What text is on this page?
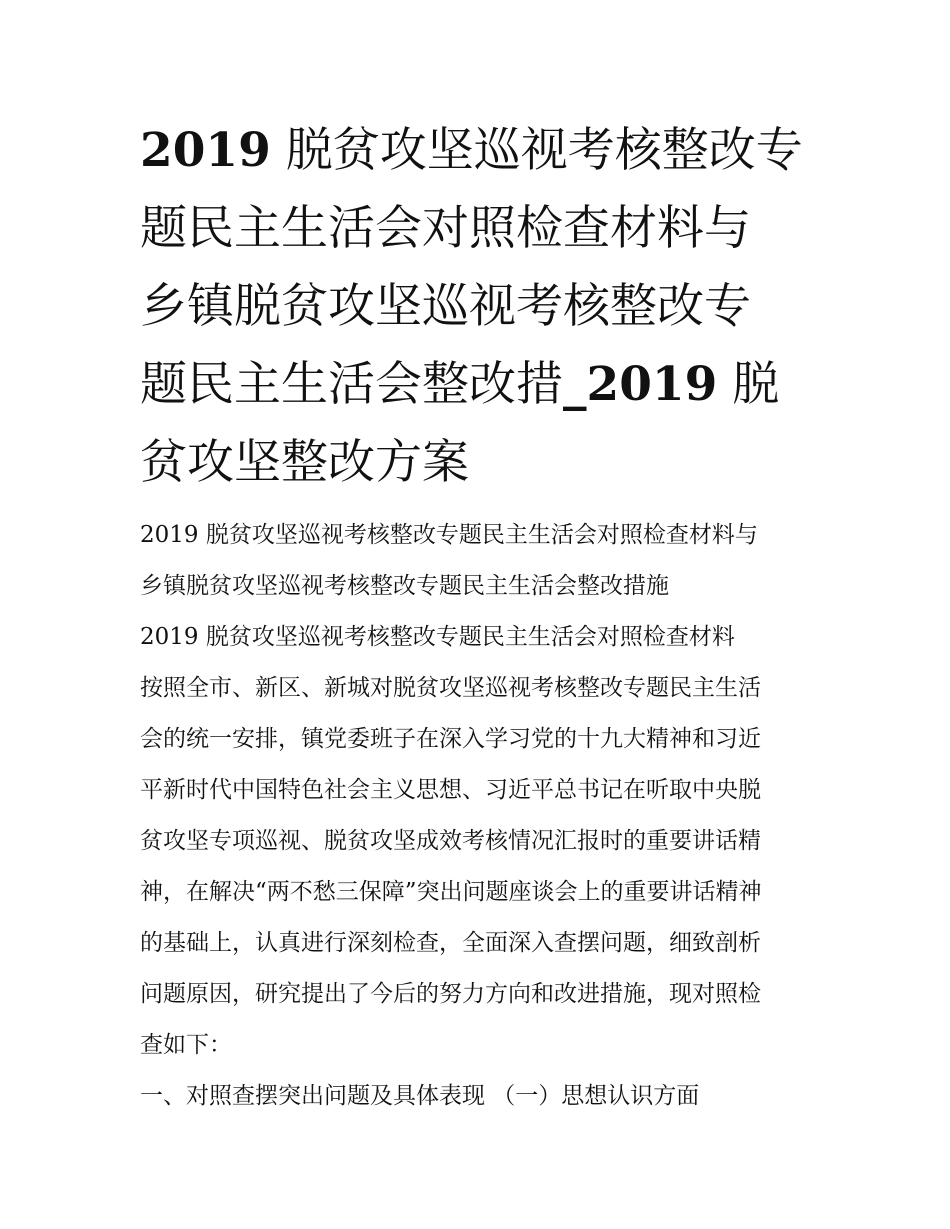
2019 脱贫攻坚巡视考核整改专
题民主生活会对照检查材料与
乡镇脱贫攻坚巡视考核整改专
题民主生活会整改措_2019 脱
贫攻坚整改方案
2019 脱贫攻坚巡视考核整改专题民主生活会对照检查材料与
乡镇脱贫攻坚巡视考核整改专题民主生活会整改措施
2019 脱贫攻坚巡视考核整改专题民主生活会对照检查材料
按照全市、新区、新城对脱贫攻坚巡视考核整改专题民主生活
会的统一安排，镇党委班子在深入学习党的十九大精神和习近
平新时代中国特色社会主义思想、习近平总书记在听取中央脱
贫攻坚专项巡视、脱贫攻坚成效考核情况汇报时的重要讲话精
神，在解决“两不愁三保障”突出问题座谈会上的重要讲话精神
的基础上，认真进行深刻检查，全面深入查摆问题，细致剖析
问题原因，研究提出了今后的努力方向和改进措施，现对照检
查如下：
一、对照查摆突出问题及具体表现 （一）思想认识方面
